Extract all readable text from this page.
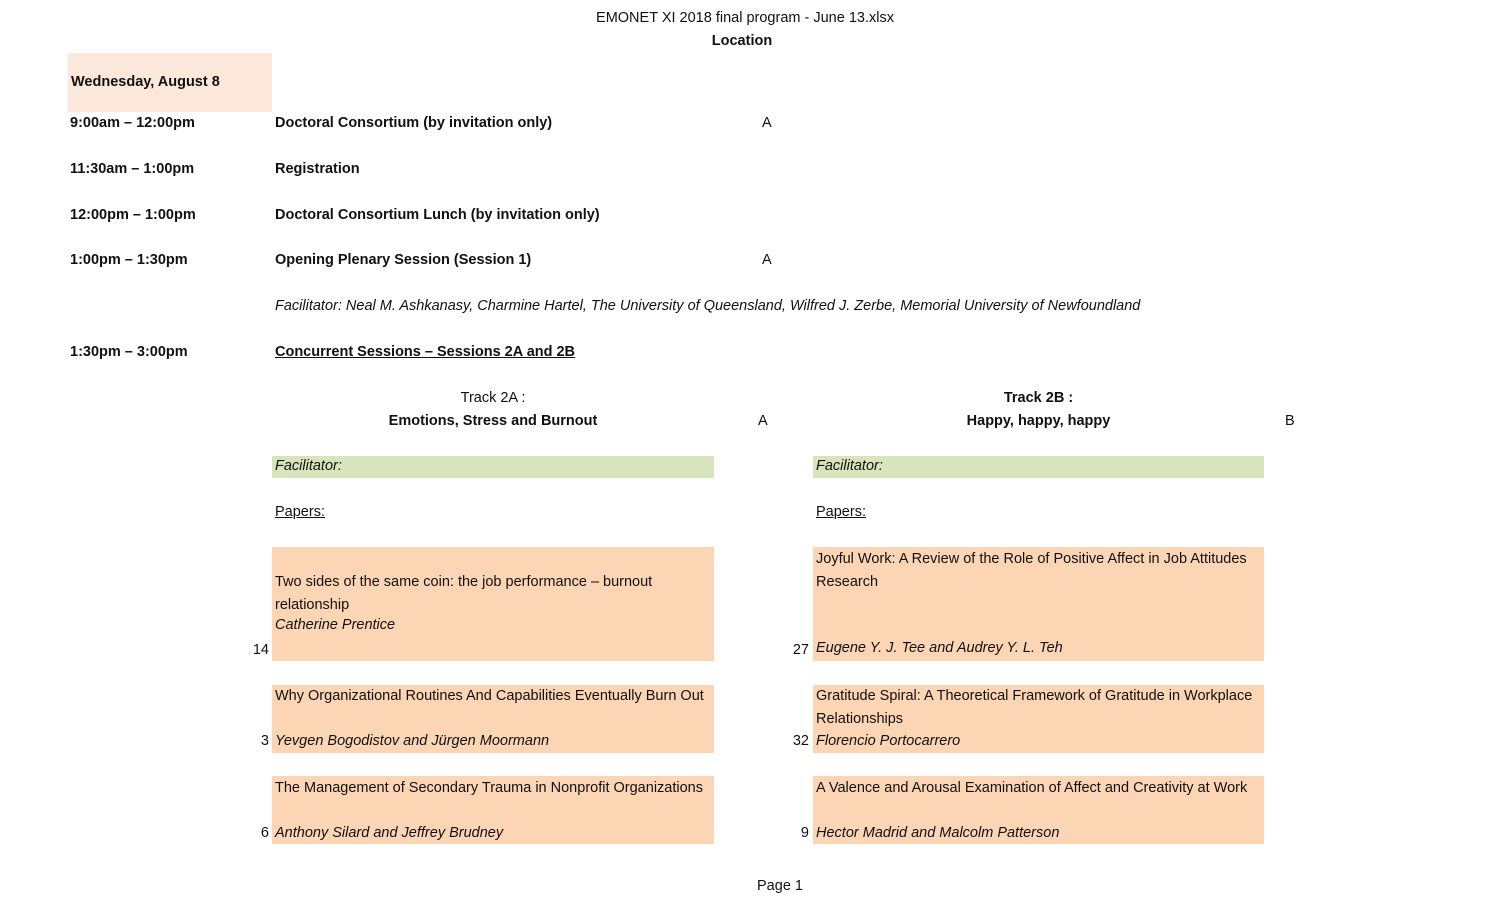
EMONET XI 2018 final program - June 13.xlsx
Location
Wednesday, August 8
9:00am – 12:00pm	Doctoral Consortium (by invitation only)	A
11:30am – 1:00pm	Registration
12:00pm – 1:00pm	Doctoral Consortium Lunch (by invitation only)
1:00pm – 1:30pm	Opening Plenary Session (Session 1)	A
Facilitator: Neal M. Ashkanasy, Charmine Hartel, The University of Queensland, Wilfred J. Zerbe, Memorial University of Newfoundland
1:30pm – 3:00pm	Concurrent Sessions – Sessions 2A and 2B
Track 2A :
Emotions, Stress and Burnout	A
Facilitator:
Papers:
Two sides of the same coin: the job performance – burnout relationship
Catherine Prentice
14
Why Organizational Routines And Capabilities Eventually Burn Out
Yevgen Bogodistov and Jürgen Moormann
3
The Management of Secondary Trauma in Nonprofit Organizations
Anthony Silard and Jeffrey Brudney
6
Track 2B :
Happy, happy, happy	B
Facilitator:
Papers:
Joyful Work: A Review of the Role of Positive Affect in Job Attitudes Research
Eugene Y. J. Tee and Audrey Y. L. Teh
27
Gratitude Spiral: A Theoretical Framework of Gratitude in Workplace Relationships
Florencio Portocarrero
32
A Valence and Arousal Examination of Affect and Creativity at Work
Hector Madrid and Malcolm Patterson
9
Page 1
